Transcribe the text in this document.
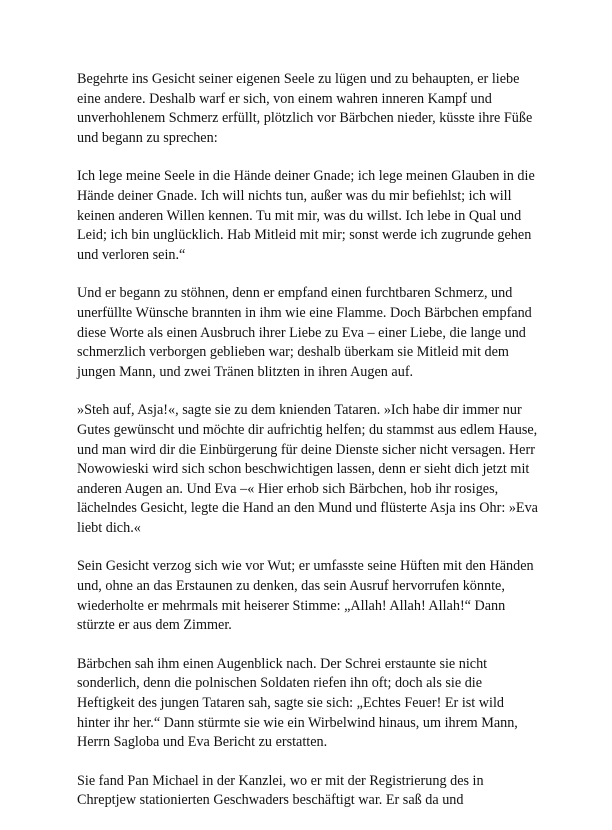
Begehrte ins Gesicht seiner eigenen Seele zu lügen und zu behaupten, er liebe eine andere. Deshalb warf er sich, von einem wahren inneren Kampf und unverhohlenem Schmerz erfüllt, plötzlich vor Bärbchen nieder, küsste ihre Füße und begann zu sprechen:

Ich lege meine Seele in die Hände deiner Gnade; ich lege meinen Glauben in die Hände deiner Gnade. Ich will nichts tun, außer was du mir befiehlst; ich will keinen anderen Willen kennen. Tu mit mir, was du willst. Ich lebe in Qual und Leid; ich bin unglücklich. Hab Mitleid mit mir; sonst werde ich zugrunde gehen und verloren sein.“

Und er begann zu stöhnen, denn er empfand einen furchtbaren Schmerz, und unerfüllte Wünsche brannten in ihm wie eine Flamme. Doch Bärbchen empfand diese Worte als einen Ausbruch ihrer Liebe zu Eva – einer Liebe, die lange und schmerzlich verborgen geblieben war; deshalb überkam sie Mitleid mit dem jungen Mann, und zwei Tränen blitzten in ihren Augen auf.

»Steh auf, Asja!«, sagte sie zu dem knienden Tataren. »Ich habe dir immer nur Gutes gewünscht und möchte dir aufrichtig helfen; du stammst aus edlem Hause, und man wird dir die Einbürgerung für deine Dienste sicher nicht versagen. Herr Nowowieski wird sich schon beschwichtigen lassen, denn er sieht dich jetzt mit anderen Augen an. Und Eva –« Hier erhob sich Bärbchen, hob ihr rosiges, lächelndes Gesicht, legte die Hand an den Mund und flüsterte Asja ins Ohr: »Eva liebt dich.«

Sein Gesicht verzog sich wie vor Wut; er umfasste seine Hüften mit den Händen und, ohne an das Erstaunen zu denken, das sein Ausruf hervorrufen könnte, wiederholte er mehrmals mit heiserer Stimme: „Allah! Allah! Allah!“ Dann stürzte er aus dem Zimmer.

Bärbchen sah ihm einen Augenblick nach. Der Schrei erstaunte sie nicht sonderlich, denn die polnischen Soldaten riefen ihn oft; doch als sie die Heftigkeit des jungen Tataren sah, sagte sie sich: „Echtes Feuer! Er ist wild hinter ihr her.“ Dann stürmte sie wie ein Wirbelwind hinaus, um ihrem Mann, Herrn Sagloba und Eva Bericht zu erstatten.

Sie fand Pan Michael in der Kanzlei, wo er mit der Registrierung des in Chreptjew stationierten Geschwaders beschäftigt war. Er saß da und
